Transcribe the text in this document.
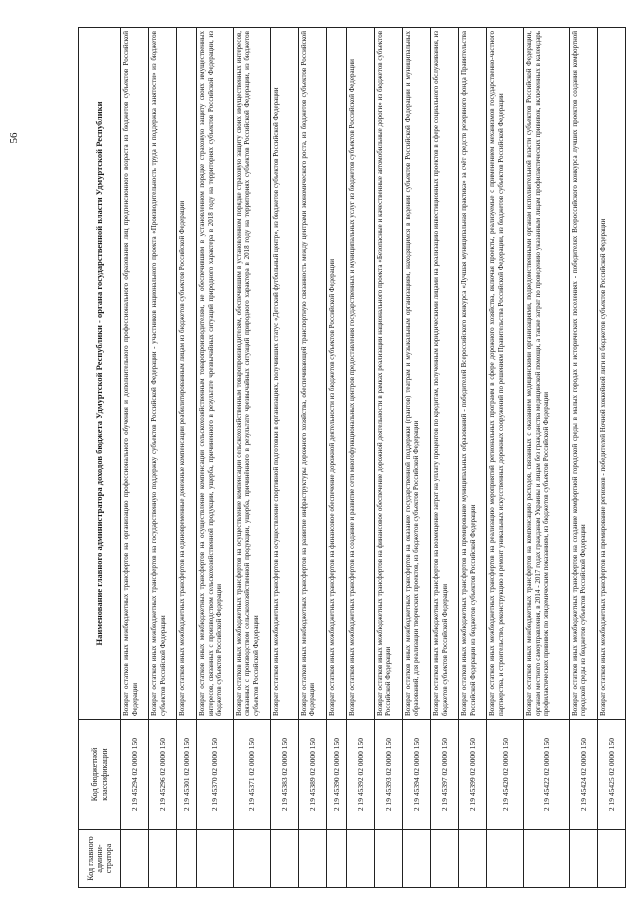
56
Код главного админи-стратора	Код бюджетной классификации	Наименование главного администратора доходов бюджета Удмуртской Республики - органа государственной власти Удмуртской Республики
	2 19 45294 02 0000 150	Возврат остатков иных межбюджетных трансфертов на организацию профессионального обучения и дополнительного профессионального образования лиц предпенсионного возраста из бюджетов субъектов Российской Федерации
	2 19 45296 02 0000 150	Возврат остатков иных межбюджетных трансфертов на государственную поддержку субъектов Российской Федерации - участников национального проекта «Производительность труда и поддержка занятости» из бюджетов субъектов Российской Федерации
	2 19 45301 02 0000 150	Возврат остатков иных межбюджетных трансфертов на единовременные денежные компенсации реабилитированным лицам из бюджетов субъектов Российской Федерации
	2 19 45370 02 0000 150	Возврат остатков иных межбюджетных трансфертов на осуществление компенсации сельскохозяйственным товаропроизводителям, не обеспечившим в установленном порядке страховую защиту своих имущественных интересов, связанных с производством сельскохозяйственной продукции, ущерба, причиненного в результате чрезвычайных ситуаций природного характера в 2018 году на территориях субъектов Российской Федерации, из бюджетов субъектов Российской Федерации
	2 19 45371 02 0000 150	Возврат остатков иных межбюджетных трансфертов на осуществление компенсации сельскохозяйственным товаропроизводителям, обеспечившим в установленном порядке страховую защиту своих имущественных интересов, связанных с производством сельскохозяйственной продукции, ущерба, причинённого в результате чрезвычайных ситуаций природного характера в 2018 году на территориях субъектов Российской Федерации, из бюджетов субъектов Российской Федерации
	2 19 45383 02 0000 150	Возврат остатков иных межбюджетных трансфертов на осуществление спортивной подготовки в организациях, получивших статус «Детский футбольный центр», из бюджетов субъектов Российской Федерации
	2 19 45389 02 0000 150	Возврат остатков иных межбюджетных трансфертов на развитие инфраструктуры дорожного хозяйства, обеспечивающей транспортную связанность между центрами экономического роста, из бюджетов субъектов Российской Федерации
	2 19 45390 02 0000 150	Возврат остатков иных межбюджетных трансфертов на финансовое обеспечение дорожной деятельности из бюджетов субъектов Российской Федерации
	2 19 45392 02 0000 150	Возврат остатков иных межбюджетных трансфертов на создание и развитие сети многофункциональных центров предоставления государственных и муниципальных услуг из бюджетов субъектов Российской Федерации
	2 19 45393 02 0000 150	Возврат остатков иных межбюджетных трансфертов на финансовое обеспечение дорожной деятельности в рамках реализации национального проекта «Безопасные и качественные автомобильные дороги» из бюджетов субъектов Российской Федерации
	2 19 45394 02 0000 150	Возврат остатков иных межбюджетных трансфертов на оказание государственной поддержки (грантов) театрам и музыкальным организациям, находящимся в ведении субъектов Российской Федерации и муниципальных образований, для реализации творческих проектов, из бюджетов субъектов Российской Федерации
	2 19 45397 02 0000 150	Возврат остатков иных межбюджетных трансфертов на возмещение затрат на уплату процентов по кредитам, полученным юридическими лицами на реализацию инвестиционных проектов в сфере социального обслуживания, из бюджетов субъектов Российской Федерации
	2 19 45399 02 0000 150	Возврат остатков иных межбюджетных трансфертов на премирование муниципальных образований - победителей Всероссийского конкурса «Лучшая муниципальная практика» за счёт средств резервного фонда Правительства Российской Федерации из бюджетов субъектов Российской Федерации
	2 19 45420 02 0000 150	Возврат остатков иных межбюджетных трансфертов на реализацию мероприятий региональных программ в сфере дорожного хозяйства, включая проекты, реализуемые с применением механизмов государственно-частного партнерства, и строительство, реконструкцию и ремонт уникальных искусственных дорожных сооружений по решениям Правительства Российской Федерации, из бюджетов субъектов Российской Федерации
	2 19 45422 02 0000 150	Возврат остатков иных межбюджетных трансфертов на компенсацию расходов, связанных с оказанием медицинскими организациями, подведомственными органам исполнительной власти субъектов Российской Федерации, органам местного самоуправления, в 2014 - 2017 годах гражданам Украины и лицам без гражданства медицинской помощи, а также затрат по проведению указанным лицам профилактических прививок, включенных в календарь профилактических прививок по эпидемическим показаниям, из бюджетов субъектов Российской Федерации
	2 19 45424 02 0000 150	Возврат остатков иных межбюджетных трансфертов на создание комфортной городской среды в малых городах и исторических поселениях - победителях Всероссийского конкурса лучших проектов создания комфортной городской среды из бюджетов субъектов Российской Федерации
	2 19 45425 02 0000 150	Возврат остатков иных межбюджетных трансфертов на премирование регионов - победителей Ночной хоккейной лиги из бюджетов субъектов Российской Федерации
